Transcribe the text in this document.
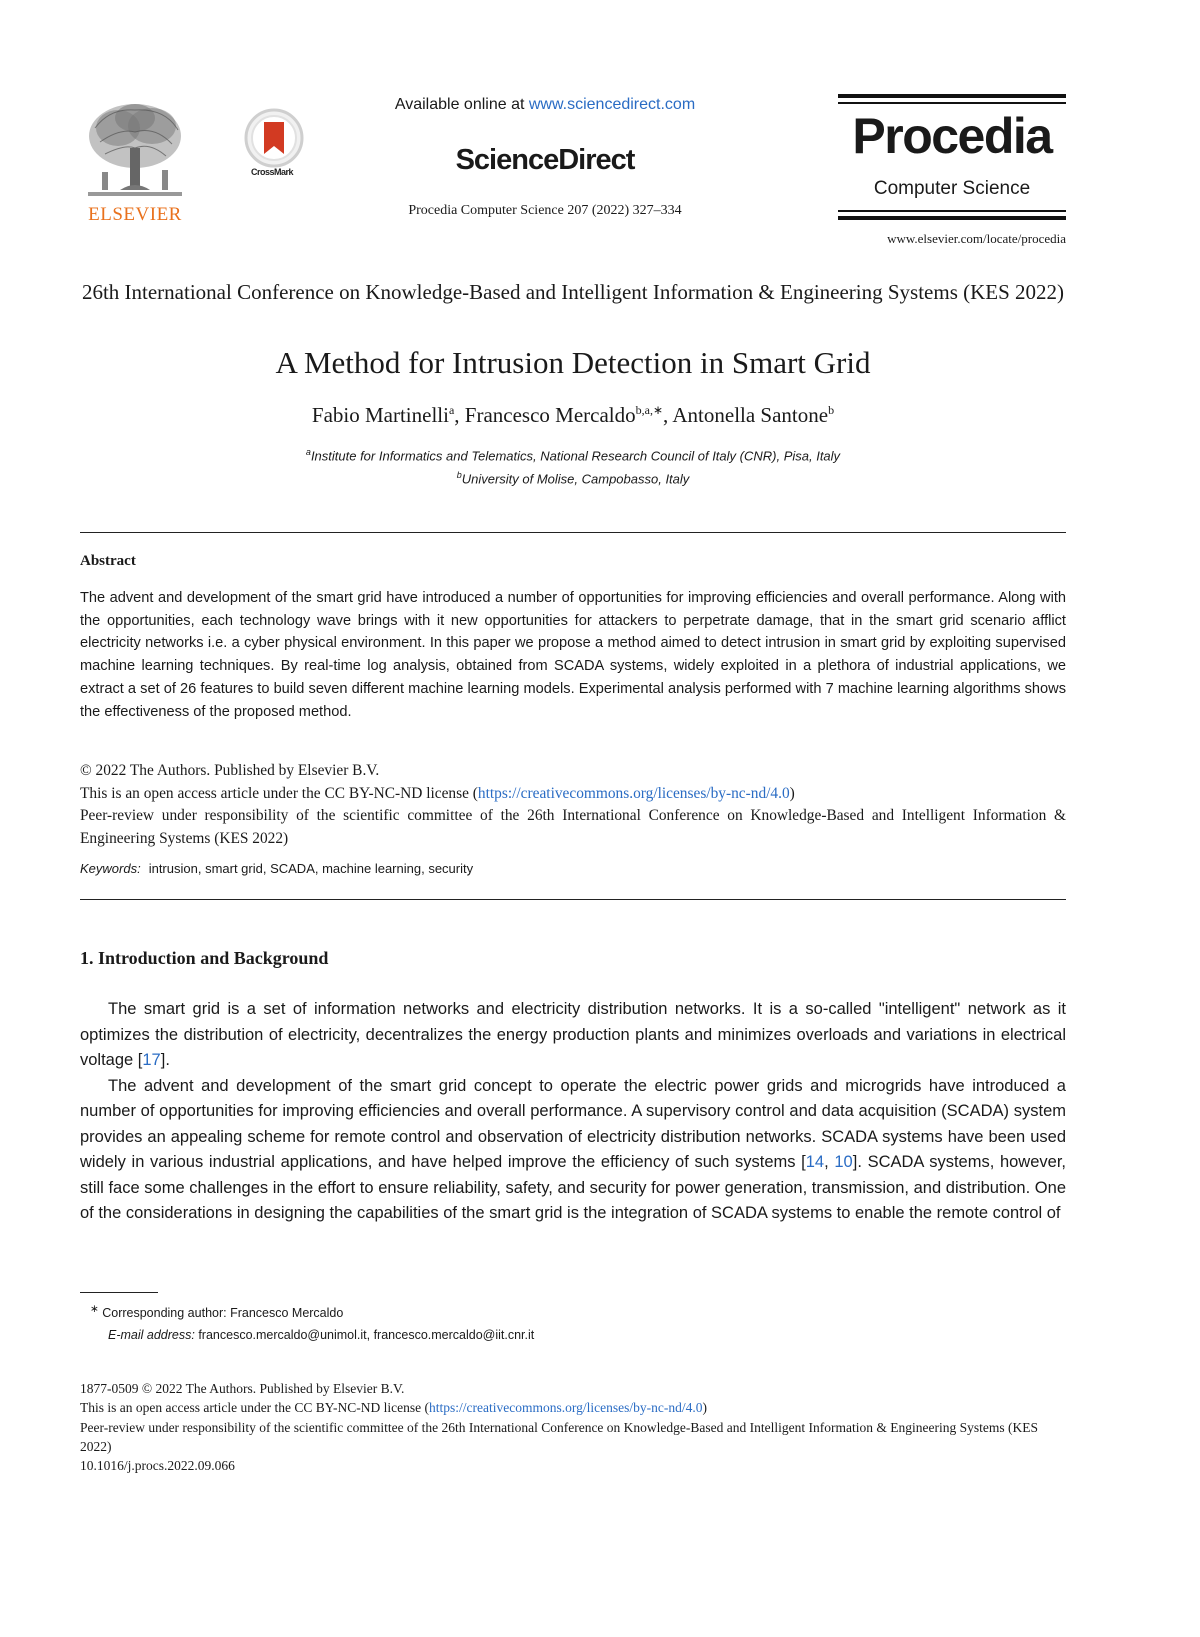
ELSEVIER
CrossMark
Available online at www.sciencedirect.com
ScienceDirect
Procedia Computer Science 207 (2022) 327–334
Procedia
Computer Science
www.elsevier.com/locate/procedia
26th International Conference on Knowledge-Based and Intelligent Information & Engineering Systems (KES 2022)
A Method for Intrusion Detection in Smart Grid
Fabio Martinelli$^a$, Francesco Mercaldo$^{b,a,∗}$, Antonella Santone$^b$
$^a$Institute for Informatics and Telematics, National Research Council of Italy (CNR), Pisa, Italy
$^b$University of Molise, Campobasso, Italy
Abstract
The advent and development of the smart grid have introduced a number of opportunities for improving efficiencies and overall performance. Along with the opportunities, each technology wave brings with it new opportunities for attackers to perpetrate damage, that in the smart grid scenario afflict electricity networks i.e. a cyber physical environment. In this paper we propose a method aimed to detect intrusion in smart grid by exploiting supervised machine learning techniques. By real-time log analysis, obtained from SCADA systems, widely exploited in a plethora of industrial applications, we extract a set of 26 features to build seven different machine learning models. Experimental analysis performed with 7 machine learning algorithms shows the effectiveness of the proposed method.
© 2022 The Authors. Published by Elsevier B.V.
This is an open access article under the CC BY-NC-ND license (https://creativecommons.org/licenses/by-nc-nd/4.0)
Peer-review under responsibility of the scientific committee of the 26th International Conference on Knowledge-Based and Intelligent Information & Engineering Systems (KES 2022)
Keywords: intrusion, smart grid, SCADA, machine learning, security
1. Introduction and Background

The smart grid is a set of information networks and electricity distribution networks. It is a so-called "intelligent" network as it optimizes the distribution of electricity, decentralizes the energy production plants and minimizes overloads and variations in electrical voltage [17].

The advent and development of the smart grid concept to operate the electric power grids and microgrids have introduced a number of opportunities for improving efficiencies and overall performance. A supervisory control and data acquisition (SCADA) system provides an appealing scheme for remote control and observation of electricity distribution networks. SCADA systems have been used widely in various industrial applications, and have helped improve the efficiency of such systems [14, 10]. SCADA systems, however, still face some challenges in the effort to ensure reliability, safety, and security for power generation, transmission, and distribution. One of the considerations in designing the capabilities of the smart grid is the integration of SCADA systems to enable the remote control of

∗ Corresponding author: Francesco Mercaldo
E-mail address: francesco.mercaldo@unimol.it, francesco.mercaldo@iit.cnr.it
1877-0509 © 2022 The Authors. Published by Elsevier B.V.
This is an open access article under the CC BY-NC-ND license (https://creativecommons.org/licenses/by-nc-nd/4.0)
Peer-review under responsibility of the scientific committee of the 26th International Conference on Knowledge-Based and Intelligent Information & Engineering Systems (KES 2022)
10.1016/j.procs.2022.09.066
